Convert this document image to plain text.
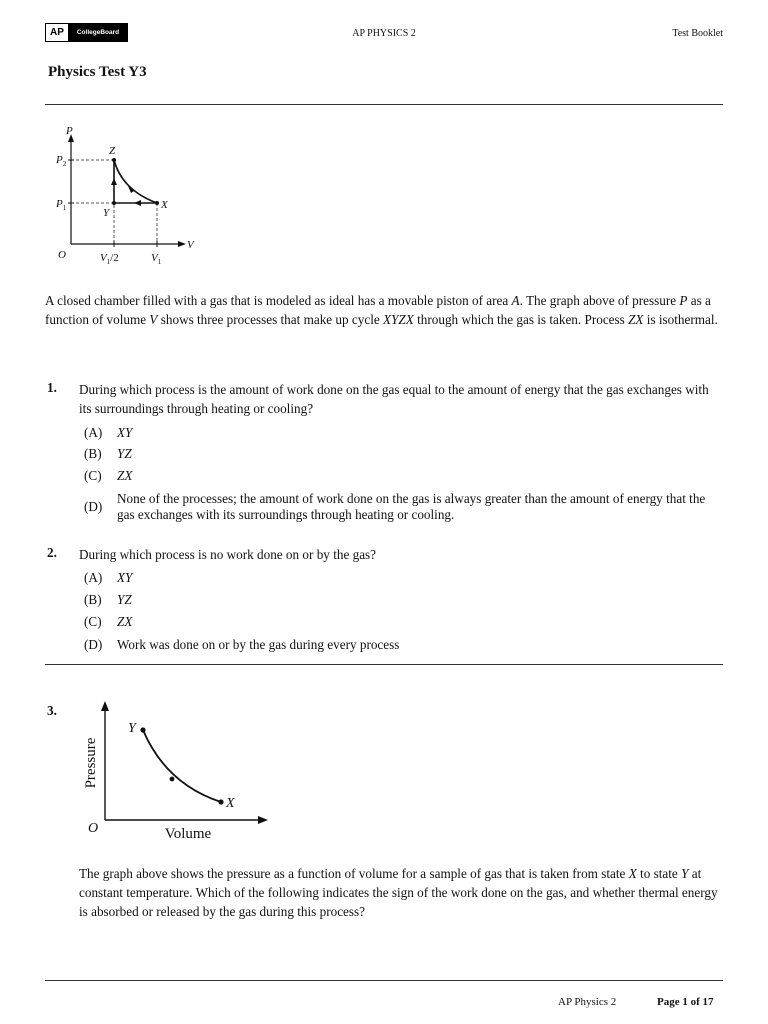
AP	CollegeBoard	AP PHYSICS 2	Test Booklet
Physics Test Y3
P
V
O
$P_2$
$P_1$
$V_1/2$	$V_1$
Z
Y
X
A closed chamber filled with a gas that is modeled as ideal has a movable piston of area A. The graph above of pressure P as a function of volume V shows three processes that make up cycle XYZX through which the gas is taken. Process ZX is isothermal.
1. During which process is the amount of work done on the gas equal to the amount of energy that the gas exchanges with its surroundings through heating or cooling?
(A)	XY
(B)	YZ
(C)	ZX
(D)
None of the processes; the amount of work done on the gas is always greater than the amount of energy that the gas exchanges with its surroundings through heating or cooling.
2. During which process is no work done on or by the gas?
(A)	XY
(B)	YZ
(C)	ZX
(D)	Work was done on or by the gas during every process
3.
Pressure
Volume
O
Y
X
The graph above shows the pressure as a function of volume for a sample of gas that is taken from state X to state Y at constant temperature. Which of the following indicates the sign of the work done on the gas, and whether thermal energy is absorbed or released by the gas during this process?
AP Physics 2	Page 1 of 17
